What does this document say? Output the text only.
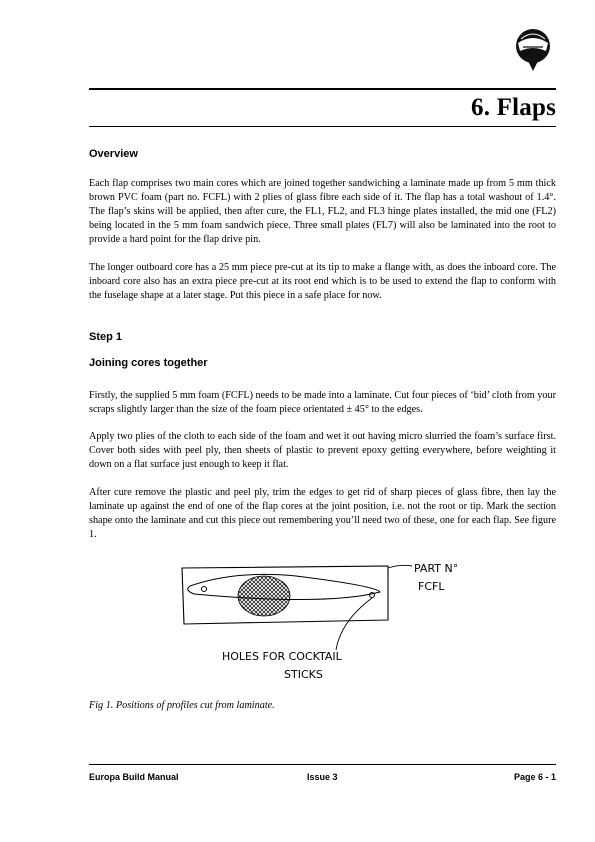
6. Flaps
Overview

Each flap comprises two main cores which are joined together sandwiching a laminate made up from 5 mm thick brown PVC foam (part no. FCFL) with 2 plies of glass fibre each side of it. The flap has a total washout of 1.4°. The flap’s skins will be applied, then after cure, the FL1, FL2, and FL3 hinge plates installed, the mid one (FL2) being located in the 5 mm foam sandwich piece. Three small plates (FL7) will also be laminated into the root to provide a hard point for the flap drive pin.

The longer outboard core has a 25 mm piece pre-cut at its tip to make a flange with, as does the inboard core. The inboard core also has an extra piece pre-cut at its root end which is to be used to extend the flap to conform with the fuselage shape at a later stage. Put this piece in a safe place for now.

Step 1
Joining cores together

Firstly, the supplied 5 mm foam (FCFL) needs to be made into a laminate. Cut four pieces of ‘bid’ cloth from your scraps slightly larger than the size of the foam piece orientated ± 45° to the edges.

Apply two plies of the cloth to each side of the foam and wet it out having micro slurried the foam’s surface first. Cover both sides with peel ply, then sheets of plastic to prevent epoxy getting everywhere, before weighting it down on a flat surface just enough to keep it flat.

After cure remove the plastic and peel ply, trim the edges to get rid of sharp pieces of glass fibre, then lay the laminate up against the end of one of the flap cores at the joint position, i.e. not the root or tip. Mark the section shape onto the laminate and cut this piece out remembering you’ll need two of these, one for each flap. See figure 1.

PART N°
FCFL
HOLES FOR COCKTAIL
STICKS
Fig 1. Positions of profiles cut from laminate.
Europa Build Manual	Issue 3	Page 6 - 1
